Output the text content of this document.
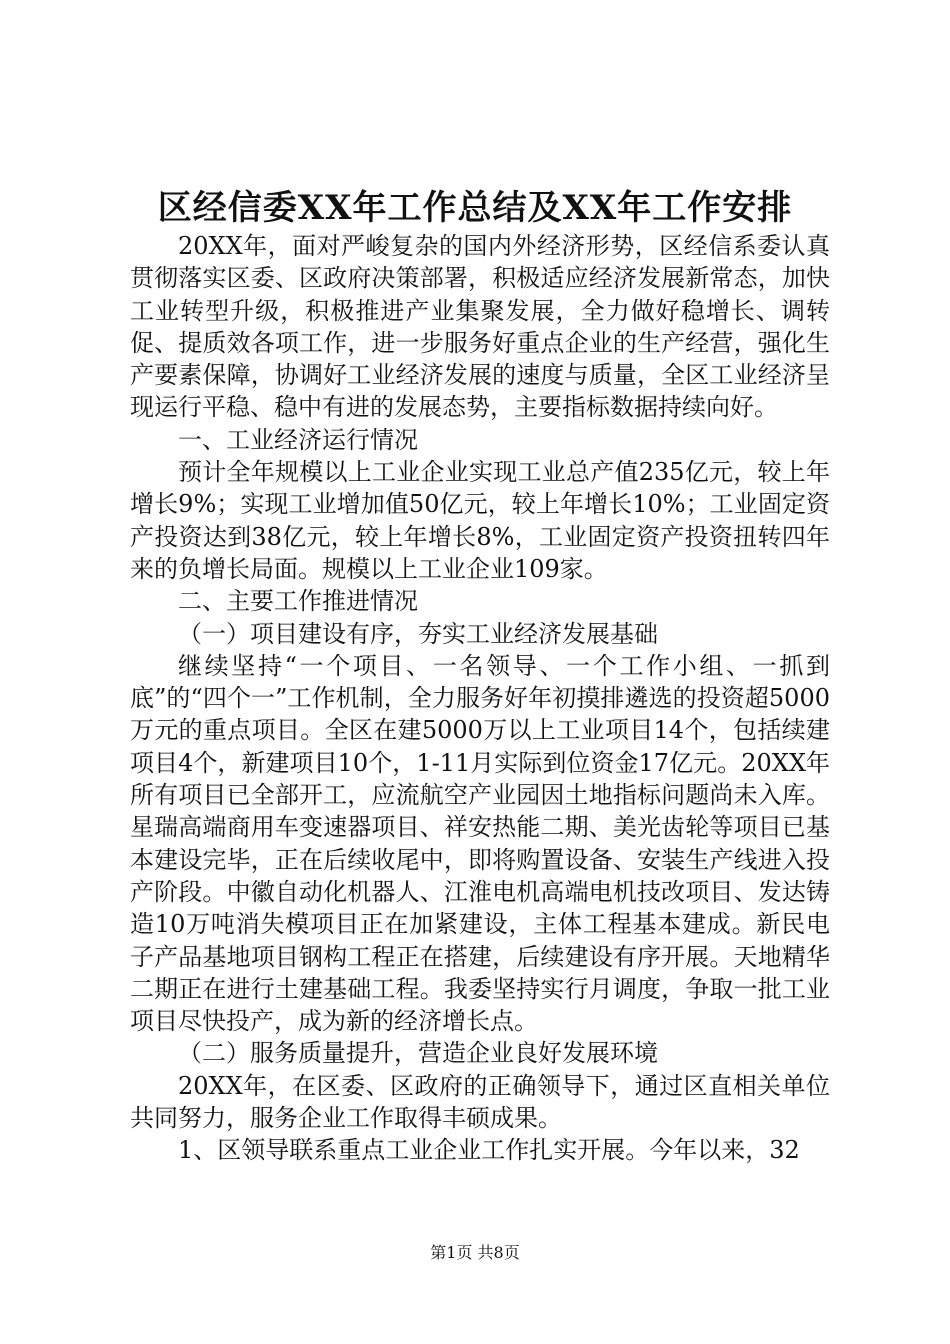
区经信委XX年工作总结及XX年工作安排

20XX年，面对严峻复杂的国内外经济形势，区经信系委认真贯彻落实区委、区政府决策部署，积极适应经济发展新常态，加快工业转型升级，积极推进产业集聚发展，全力做好稳增长、调转促、提质效各项工作，进一步服务好重点企业的生产经营，强化生产要素保障，协调好工业经济发展的速度与质量，全区工业经济呈现运行平稳、稳中有进的发展态势，主要指标数据持续向好。

一、工业经济运行情况

预计全年规模以上工业企业实现工业总产值235亿元，较上年增长9%；实现工业增加值50亿元，较上年增长10%；工业固定资产投资达到38亿元，较上年增长8%，工业固定资产投资扭转四年来的负增长局面。规模以上工业企业109家。

二、主要工作推进情况

（一）项目建设有序，夯实工业经济发展基础

继续坚持“一个项目、一名领导、一个工作小组、一抓到底”的“四个一”工作机制，全力服务好年初摸排遴选的投资超5000万元的重点项目。全区在建5000万以上工业项目14个，包括续建项目4个，新建项目10个，1-11月实际到位资金17亿元。20XX年所有项目已全部开工，应流航空产业园因土地指标问题尚未入库。星瑞高端商用车变速器项目、祥安热能二期、美光齿轮等项目已基本建设完毕，正在后续收尾中，即将购置设备、安装生产线进入投产阶段。中徽自动化机器人、江淮电机高端电机技改项目、发达铸造10万吨消失模项目正在加紧建设，主体工程基本建成。新民电子产品基地项目钢构工程正在搭建，后续建设有序开展。天地精华二期正在进行土建基础工程。我委坚持实行月调度，争取一批工业项目尽快投产，成为新的经济增长点。

（二）服务质量提升，营造企业良好发展环境

20XX年，在区委、区政府的正确领导下，通过区直相关单位共同努力，服务企业工作取得丰硕成果。

1、区领导联系重点工业企业工作扎实开展。今年以来，32

第1页 共8页
